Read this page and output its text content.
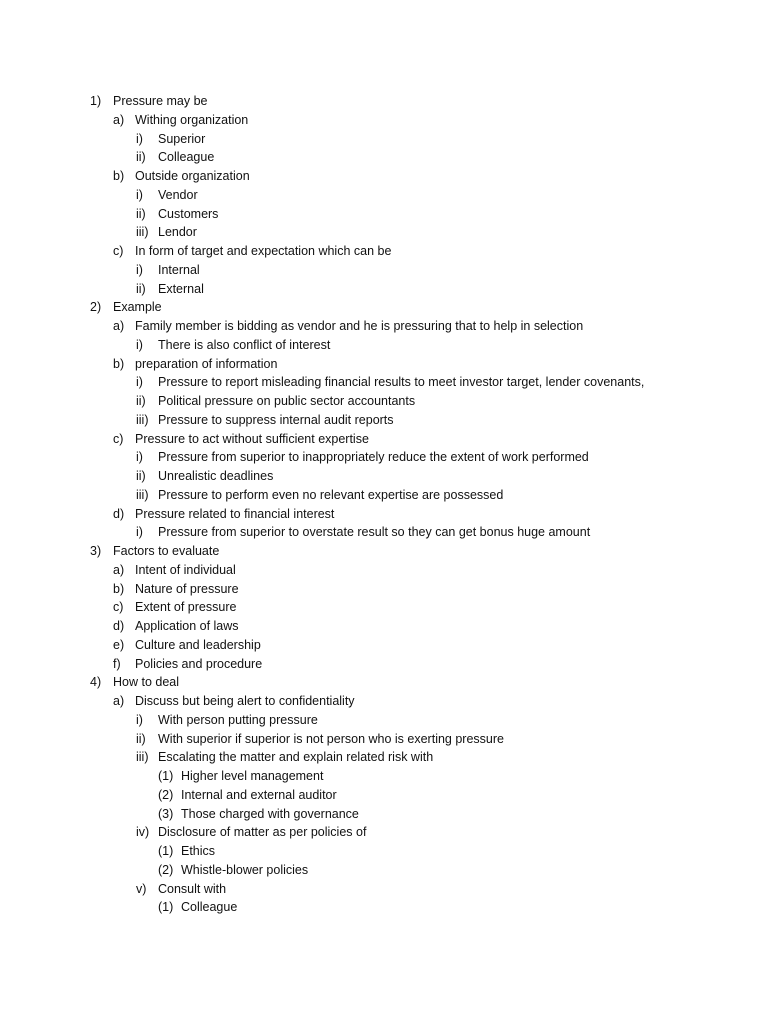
1) Pressure may be
a) Withing organization
i) Superior
ii) Colleague
b) Outside organization
i) Vendor
ii) Customers
iii) Lendor
c) In form of target and expectation which can be
i) Internal
ii) External
2) Example
a) Family member is bidding as vendor and he is pressuring that to help in selection
i) There is also conflict of interest
b) preparation of information
i) Pressure to report misleading financial results to meet investor target, lender covenants,
ii) Political pressure on public sector accountants
iii) Pressure to suppress internal audit reports
c) Pressure to act without sufficient expertise
i) Pressure from superior to inappropriately reduce the extent of work performed
ii) Unrealistic deadlines
iii) Pressure to perform even no relevant expertise are possessed
d) Pressure related to financial interest
i) Pressure from superior to overstate result so they can get bonus huge amount
3) Factors to evaluate
a) Intent of individual
b) Nature of pressure
c) Extent of pressure
d) Application of laws
e) Culture and leadership
f) Policies and procedure
4) How to deal
a) Discuss but being alert to confidentiality
i) With person putting pressure
ii) With superior if superior is not person who is exerting pressure
iii) Escalating the matter and explain related risk with
(1) Higher level management
(2) Internal and external auditor
(3) Those charged with governance
iv) Disclosure of matter as per policies of
(1) Ethics
(2) Whistle-blower policies
v) Consult with
(1) Colleague
